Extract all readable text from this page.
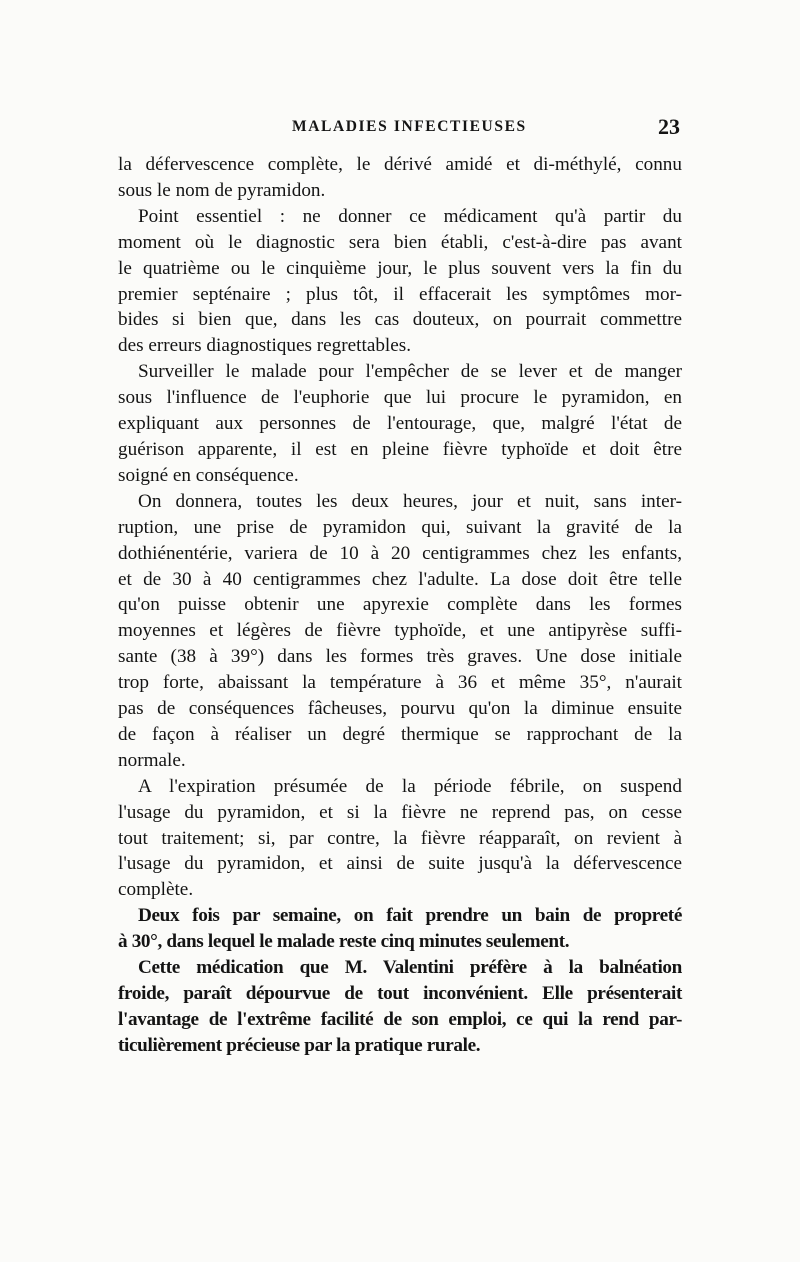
MALADIES INFECTIEUSES	23

la défervescence complète, le dérivé amidé et di-méthylé, connu
sous le nom de pyramidon.

Point essentiel : ne donner ce médicament qu'à partir du
moment où le diagnostic sera bien établi, c'est-à-dire pas avant
le quatrième ou le cinquième jour, le plus souvent vers la fin du
premier septénaire ; plus tôt, il effacerait les symptômes mor-
bides si bien que, dans les cas douteux, on pourrait commettre
des erreurs diagnostiques regrettables.

Surveiller le malade pour l'empêcher de se lever et de manger
sous l'influence de l'euphorie que lui procure le pyramidon, en
expliquant aux personnes de l'entourage, que, malgré l'état de
guérison apparente, il est en pleine fièvre typhoïde et doit être
soigné en conséquence.

On donnera, toutes les deux heures, jour et nuit, sans inter-
ruption, une prise de pyramidon qui, suivant la gravité de la
dothiénentérie, variera de 10 à 20 centigrammes chez les enfants,
et de 30 à 40 centigrammes chez l'adulte. La dose doit être telle
qu'on puisse obtenir une apyrexie complète dans les formes
moyennes et légères de fièvre typhoïde, et une antipyrèse suffi-
sante (38 à 39°) dans les formes très graves. Une dose initiale
trop forte, abaissant la température à 36 et même 35°, n'aurait
pas de conséquences fâcheuses, pourvu qu'on la diminue ensuite
de façon à réaliser un degré thermique se rapprochant de la
normale.

A l'expiration présumée de la période fébrile, on suspend
l'usage du pyramidon, et si la fièvre ne reprend pas, on cesse
tout traitement; si, par contre, la fièvre réapparaît, on revient à
l'usage du pyramidon, et ainsi de suite jusqu'à la défervescence
complète.

Deux fois par semaine, on fait prendre un bain de propreté
à 30°, dans lequel le malade reste cinq minutes seulement.

Cette médication que M. Valentini préfère à la balnéation
froide, paraît dépourvue de tout inconvénient. Elle présenterait
l'avantage de l'extrême facilité de son emploi, ce qui la rend par-
ticulièrement précieuse par la pratique rurale.
